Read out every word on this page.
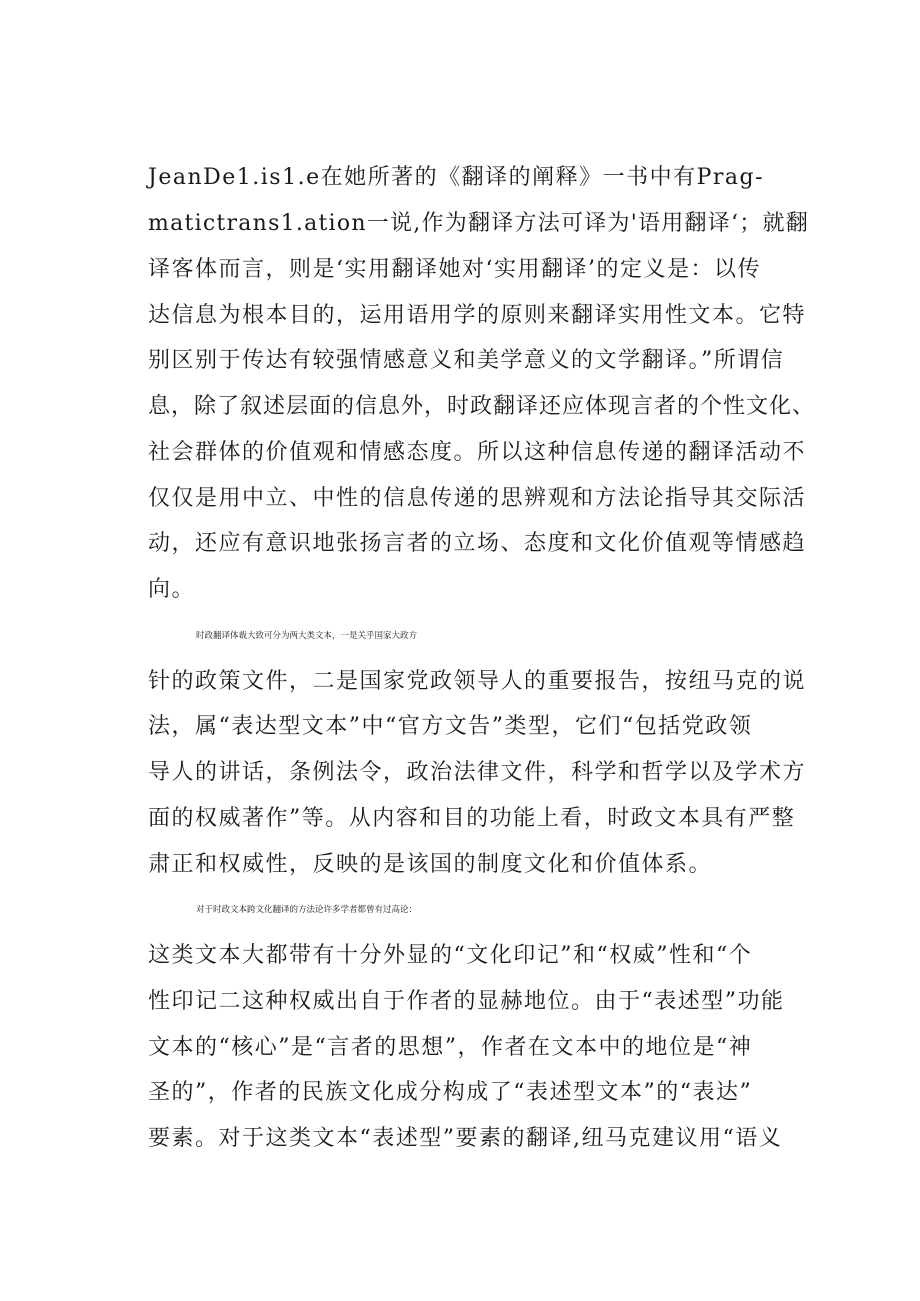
JeanDe1.is1.e在她所著的《翻译的阐释》一书中有Prag-
matictrans1.ation一说,作为翻译方法可译为'语用翻译‘；就翻
译客体而言，则是‘实用翻译她对‘实用翻译’的定义是：以传
达信息为根本目的，运用语用学的原则来翻译实用性文本。它特
别区别于传达有较强情感意义和美学意义的文学翻译。”所谓信
息，除了叙述层面的信息外，时政翻译还应体现言者的个性文化、
社会群体的价值观和情感态度。所以这种信息传递的翻译活动不
仅仅是用中立、中性的信息传递的思辨观和方法论指导其交际活
动，还应有意识地张扬言者的立场、态度和文化价值观等情感趋
向。
时政翻译体裁大致可分为两大类文本，一是关乎国家大政方
针的政策文件，二是国家党政领导人的重要报告，按纽马克的说
法，属“表达型文本”中“官方文告”类型，它们“包括党政领
导人的讲话，条例法令，政治法律文件，科学和哲学以及学术方
面的权威著作”等。从内容和目的功能上看，时政文本具有严整
肃正和权威性，反映的是该国的制度文化和价值体系。
对于时政文本跨文化翻译的方法论许多学者都曾有过高论：
这类文本大都带有十分外显的“文化印记”和“权威”性和“个
性印记二这种权威出自于作者的显赫地位。由于“表述型”功能
文本的“核心”是“言者的思想”，作者在文本中的地位是“神
圣的”，作者的民族文化成分构成了“表述型文本”的“表达”
要素。对于这类文本“表述型”要素的翻译,纽马克建议用“语义
